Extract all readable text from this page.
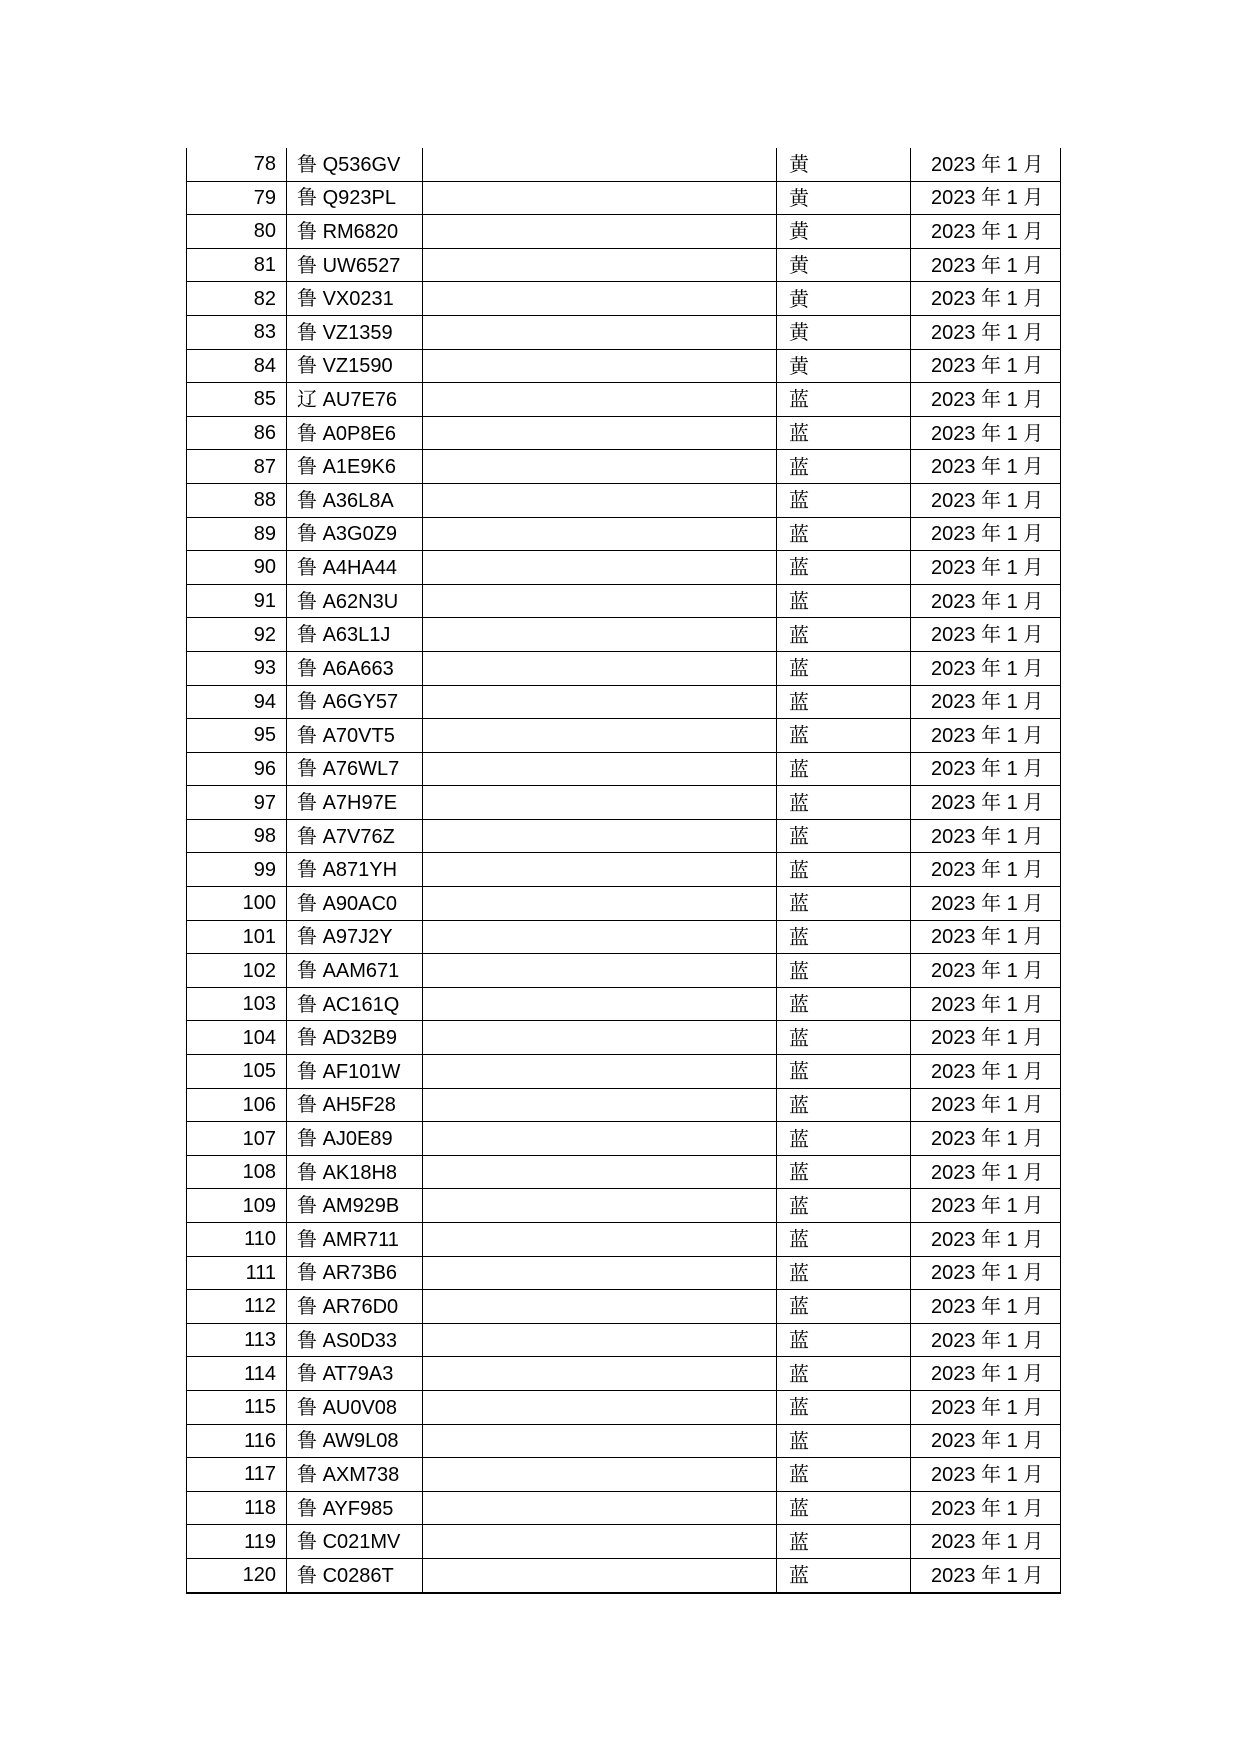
78	鲁 Q536GV		黄	2023 年 1 月
79	鲁 Q923PL		黄	2023 年 1 月
80	鲁 RM6820		黄	2023 年 1 月
81	鲁 UW6527		黄	2023 年 1 月
82	鲁 VX0231		黄	2023 年 1 月
83	鲁 VZ1359		黄	2023 年 1 月
84	鲁 VZ1590		黄	2023 年 1 月
85	辽 AU7E76		蓝	2023 年 1 月
86	鲁 A0P8E6		蓝	2023 年 1 月
87	鲁 A1E9K6		蓝	2023 年 1 月
88	鲁 A36L8A		蓝	2023 年 1 月
89	鲁 A3G0Z9		蓝	2023 年 1 月
90	鲁 A4HA44		蓝	2023 年 1 月
91	鲁 A62N3U		蓝	2023 年 1 月
92	鲁 A63L1J		蓝	2023 年 1 月
93	鲁 A6A663		蓝	2023 年 1 月
94	鲁 A6GY57		蓝	2023 年 1 月
95	鲁 A70VT5		蓝	2023 年 1 月
96	鲁 A76WL7		蓝	2023 年 1 月
97	鲁 A7H97E		蓝	2023 年 1 月
98	鲁 A7V76Z		蓝	2023 年 1 月
99	鲁 A871YH		蓝	2023 年 1 月
100	鲁 A90AC0		蓝	2023 年 1 月
101	鲁 A97J2Y		蓝	2023 年 1 月
102	鲁 AAM671		蓝	2023 年 1 月
103	鲁 AC161Q		蓝	2023 年 1 月
104	鲁 AD32B9		蓝	2023 年 1 月
105	鲁 AF101W		蓝	2023 年 1 月
106	鲁 AH5F28		蓝	2023 年 1 月
107	鲁 AJ0E89		蓝	2023 年 1 月
108	鲁 AK18H8		蓝	2023 年 1 月
109	鲁 AM929B		蓝	2023 年 1 月
110	鲁 AMR711		蓝	2023 年 1 月
111	鲁 AR73B6		蓝	2023 年 1 月
112	鲁 AR76D0		蓝	2023 年 1 月
113	鲁 AS0D33		蓝	2023 年 1 月
114	鲁 AT79A3		蓝	2023 年 1 月
115	鲁 AU0V08		蓝	2023 年 1 月
116	鲁 AW9L08		蓝	2023 年 1 月
117	鲁 AXM738		蓝	2023 年 1 月
118	鲁 AYF985		蓝	2023 年 1 月
119	鲁 C021MV		蓝	2023 年 1 月
120	鲁 C0286T		蓝	2023 年 1 月
